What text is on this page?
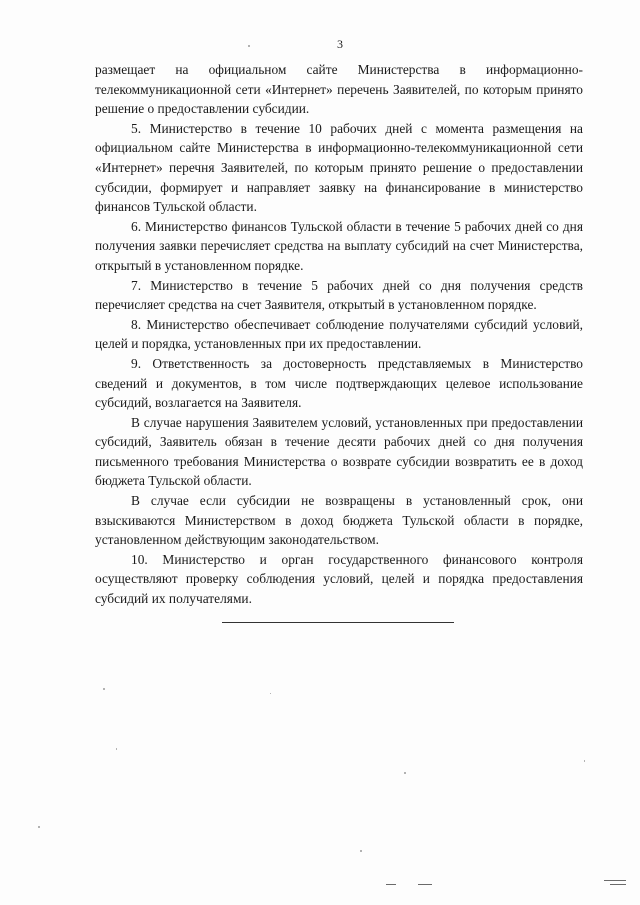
3

размещает на официальном сайте Министерства в информационно-телекоммуникационной сети «Интернет» перечень Заявителей, по которым принято решение о предоставлении субсидии.

5. Министерство в течение 10 рабочих дней с момента размещения на официальном сайте Министерства в информационно-телекоммуникационной сети «Интернет» перечня Заявителей, по которым принято решение о предоставлении субсидии, формирует и направляет заявку на финансирование в министерство финансов Тульской области.

6. Министерство финансов Тульской области в течение 5 рабочих дней со дня получения заявки перечисляет средства на выплату субсидий на счет Министерства, открытый в установленном порядке.

7. Министерство в течение 5 рабочих дней со дня получения средств перечисляет средства на счет Заявителя, открытый в установленном порядке.

8. Министерство обеспечивает соблюдение получателями субсидий условий, целей и порядка, установленных при их предоставлении.

9. Ответственность за достоверность представляемых в Министерство сведений и документов, в том числе подтверждающих целевое использование субсидий, возлагается на Заявителя.

В случае нарушения Заявителем условий, установленных при предоставлении субсидий, Заявитель обязан в течение десяти рабочих дней со дня получения письменного требования Министерства о возврате субсидии возвратить ее в доход бюджета Тульской области.

В случае если субсидии не возвращены в установленный срок, они взыскиваются Министерством в доход бюджета Тульской области в порядке, установленном действующим законодательством.

10. Министерство и орган государственного финансового контроля осуществляют проверку соблюдения условий, целей и порядка предоставления субсидий их получателями.
